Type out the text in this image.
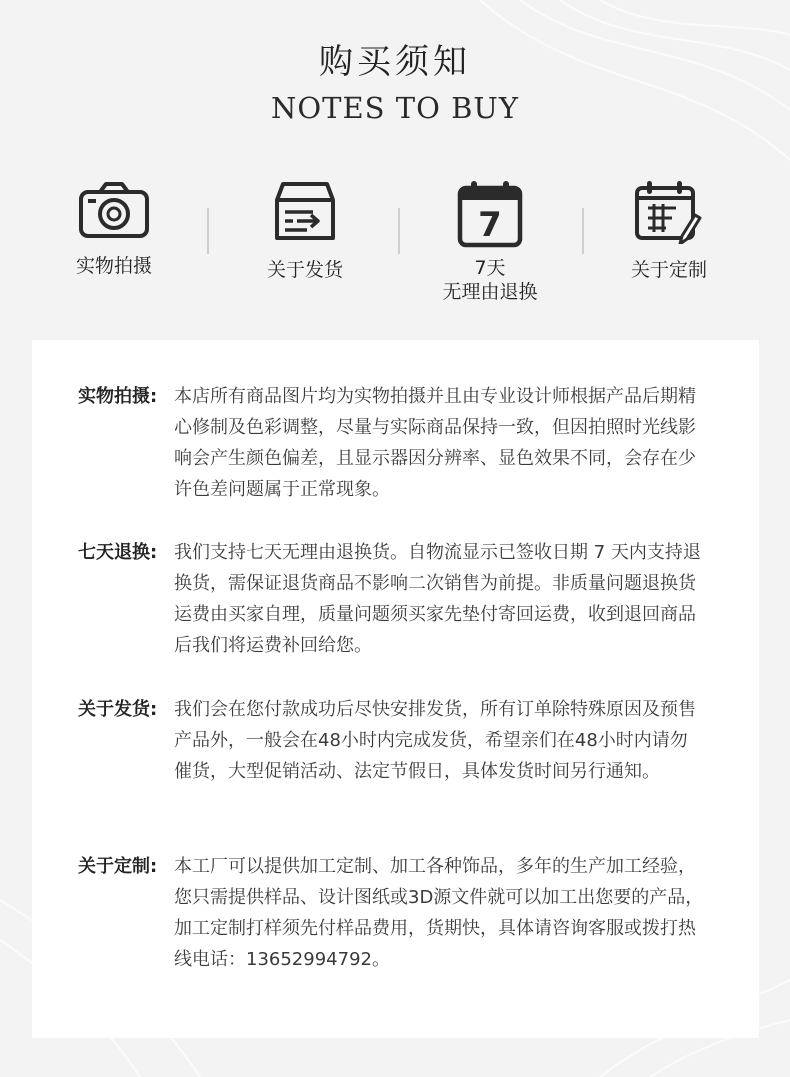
购买须知
NOTES TO BUY
实物拍摄	关于发货
7
7天
无理由退换
关于定制
实物拍摄: 本店所有商品图片均为实物拍摄并且由专业设计师根据产品后期精心修制及色彩调整，尽量与实际商品保持一致，但因拍照时光线影响会产生颜色偏差，且显示器因分辨率、显色效果不同，会存在少许色差问题属于正常现象。
七天退换: 我们支持七天无理由退换货。自物流显示已签收日期 7 天内支持退换货，需保证退货商品不影响二次销售为前提。非质量问题退换货运费由买家自理，质量问题须买家先垫付寄回运费，收到退回商品后我们将运费补回给您。
关于发货: 我们会在您付款成功后尽快安排发货，所有订单除特殊原因及预售产品外，一般会在48小时内完成发货，希望亲们在48小时内请勿催货，大型促销活动、法定节假日，具体发货时间另行通知。
关于定制: 本工厂可以提供加工定制、加工各种饰品，多年的生产加工经验，您只需提供样品、设计图纸或3D源文件就可以加工出您要的产品，加工定制打样须先付样品费用，货期快，具体请咨询客服或拨打热线电话：13652994792。
